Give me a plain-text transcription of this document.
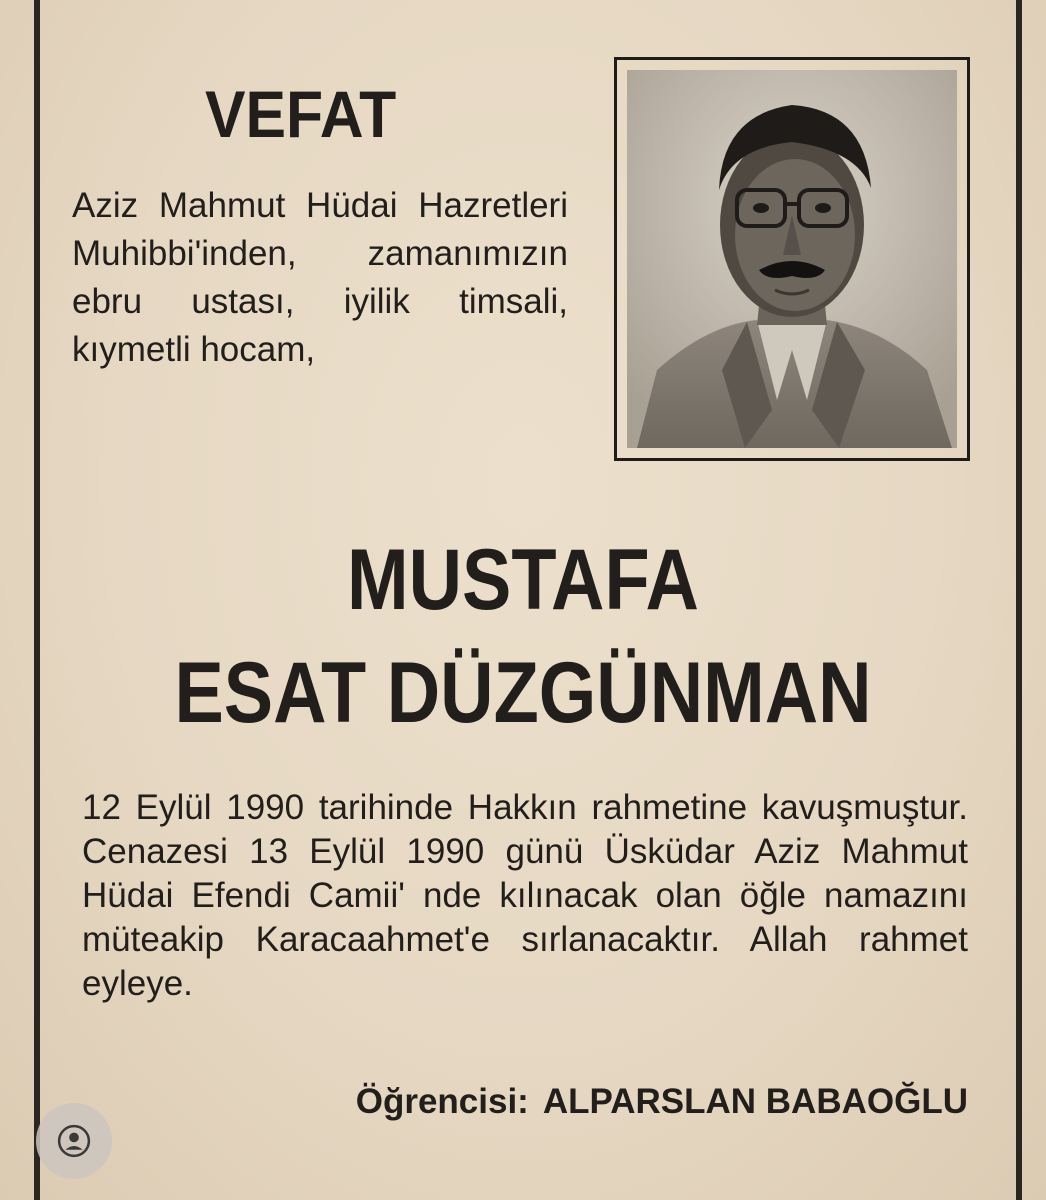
VEFAT

Aziz Mahmut Hüdai Hazretleri Muhibbi'inden, zamanımızın ebru ustası, iyilik timsali, kıymetli hocam,

MUSTAFA
ESAT DÜZGÜNMAN

12 Eylül 1990 tarihinde Hakkın rahmetine kavuşmuştur. Cenazesi 13 Eylül 1990 günü Üsküdar Aziz Mahmut Hüdai Efendi Camii' nde kılınacak olan öğle namazını müteakip Karacaahmet'e sırlanacaktır. Allah rahmet eyleye.

Öğrencisi: ALPARSLAN BABAOĞLU
